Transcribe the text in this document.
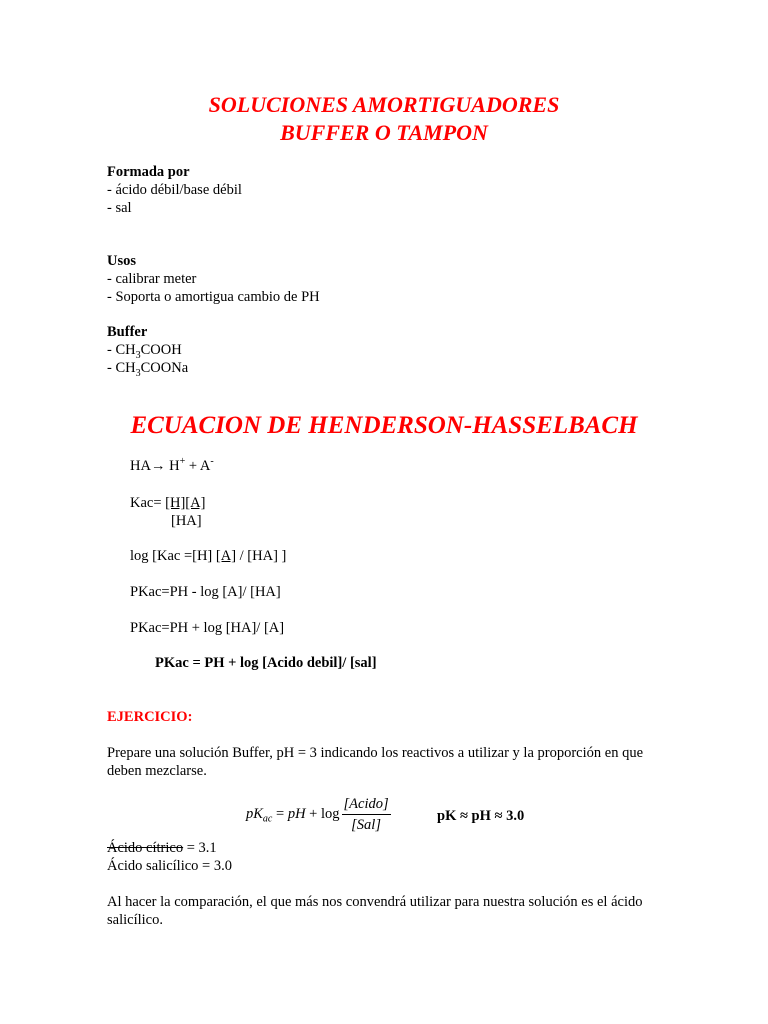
SOLUCIONES AMORTIGUADORES
BUFFER O TAMPON
Formada por
- ácido débil/base débil
- sal
Usos
- calibrar meter
- Soporta o amortigua cambio de PH
Buffer
- $CH_3COOH$
- $CH_3COONa$
ECUACION DE HENDERSON-HASSELBACH
HA→ H+ + A-
Kac= [H][A]
[HA]
log [Kac =[H] [A] / [HA] ]
PKac=PH - log [A]/ [HA]
PKac=PH + log [HA]/ [A]
PKac = PH + log [Acido debil]/ [sal]
EJERCICIO:
Prepare una solución Buffer, pH = 3 indicando los reactivos a utilizar y la proporción en que
deben mezclarse.
$pK_{ac}$ = pH + $\log \frac{\text{[Acido]}}{\text{[Sal]}}$	pK ≈ pH ≈ 3.0
Ácido cítrico = 3.1
Ácido salicílico = 3.0
Al hacer la comparación, el que más nos convendrá utilizar para nuestra solución es el ácido
salicílico.
